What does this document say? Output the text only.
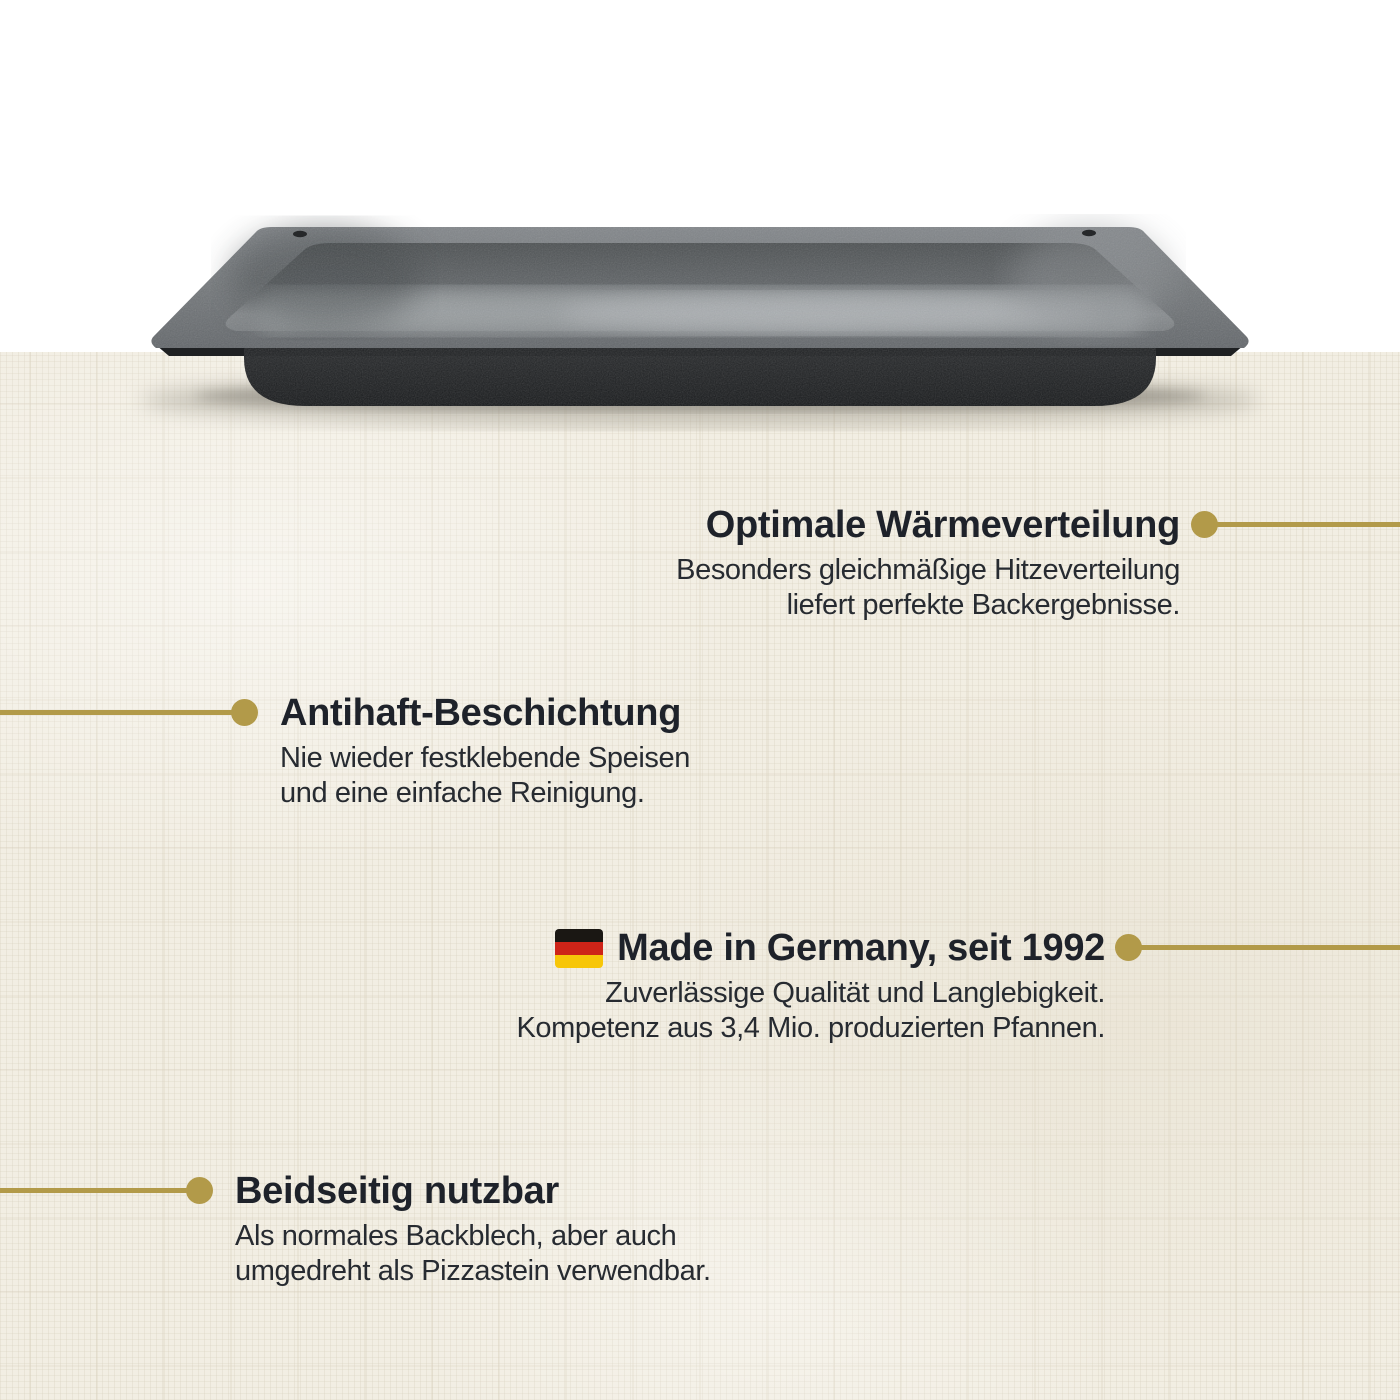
Optimale Wärmeverteilung
Besonders gleichmäßige Hitzeverteilung
liefert perfekte Backergebnisse.
Antihaft-Beschichtung
Nie wieder festklebende Speisen
und eine einfache Reinigung.
Made in Germany, seit 1992
Zuverlässige Qualität und Langlebigkeit.
Kompetenz aus 3,4 Mio. produzierten Pfannen.
Beidseitig nutzbar
Als normales Backblech, aber auch
umgedreht als Pizzastein verwendbar.
